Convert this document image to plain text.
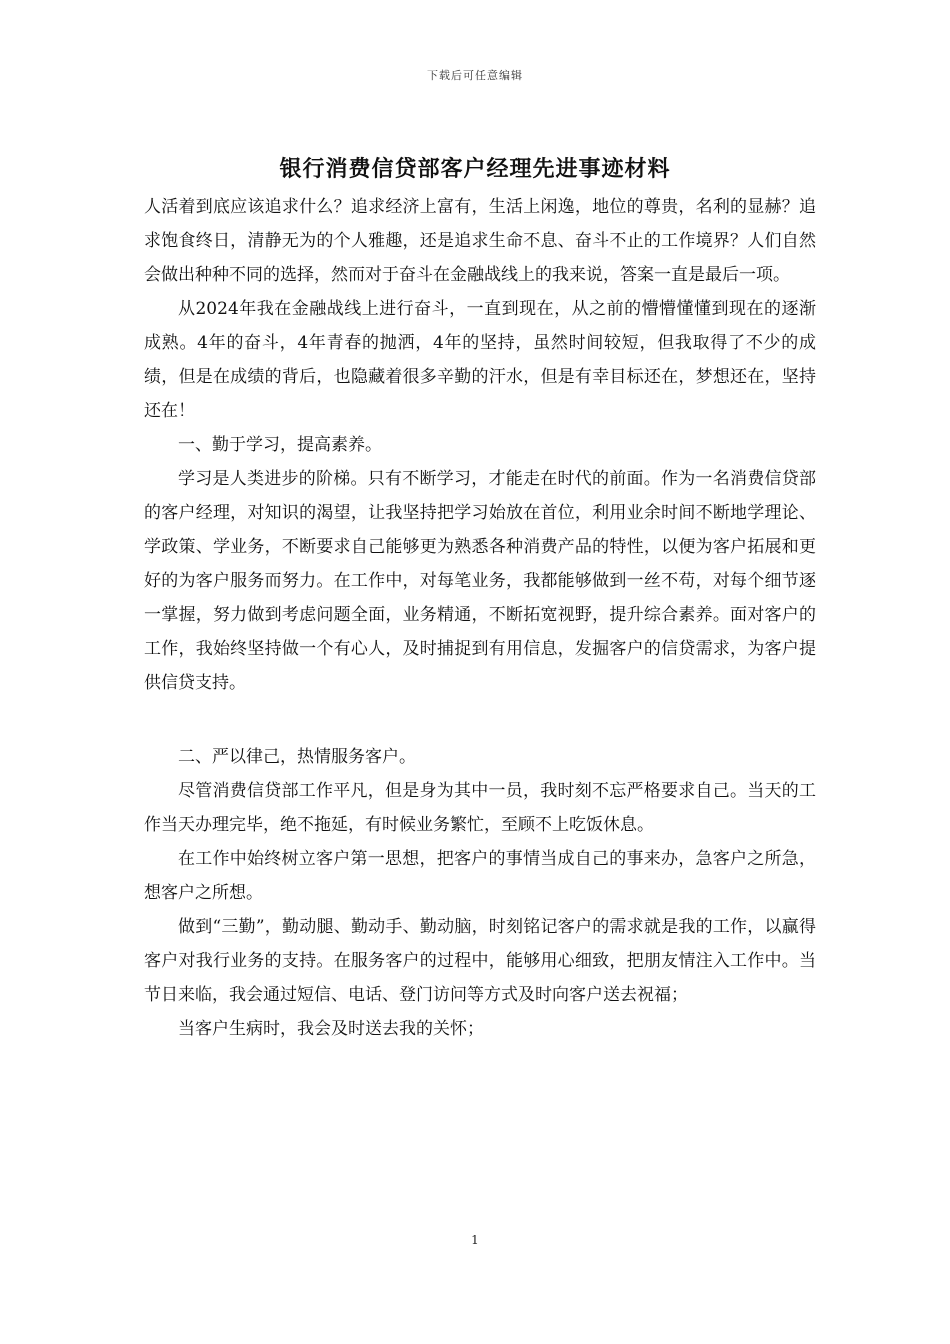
下载后可任意编辑
银行消费信贷部客户经理先进事迹材料

人活着到底应该追求什么？追求经济上富有，生活上闲逸，地位的尊贵，名利的显赫？追求饱食终日，清静无为的个人雅趣，还是追求生命不息、奋斗不止的工作境界？人们自然会做出种种不同的选择，然而对于奋斗在金融战线上的我来说，答案一直是最后一项。

从2024年我在金融战线上进行奋斗，一直到现在，从之前的懵懵懂懂到现在的逐渐成熟。4年的奋斗，4年青春的抛洒，4年的坚持，虽然时间较短，但我取得了不少的成绩，但是在成绩的背后，也隐藏着很多辛勤的汗水，但是有幸目标还在，梦想还在，坚持还在！

一、勤于学习，提高素养。

学习是人类进步的阶梯。只有不断学习，才能走在时代的前面。作为一名消费信贷部的客户经理，对知识的渴望，让我坚持把学习始放在首位，利用业余时间不断地学理论、学政策、学业务，不断要求自己能够更为熟悉各种消费产品的特性，以便为客户拓展和更好的为客户服务而努力。在工作中，对每笔业务，我都能够做到一丝不苟，对每个细节逐一掌握，努力做到考虑问题全面，业务精通，不断拓宽视野，提升综合素养。面对客户的工作，我始终坚持做一个有心人，及时捕捉到有用信息，发掘客户的信贷需求，为客户提供信贷支持。

二、严以律己，热情服务客户。

尽管消费信贷部工作平凡，但是身为其中一员，我时刻不忘严格要求自己。当天的工作当天办理完毕，绝不拖延，有时候业务繁忙，至顾不上吃饭休息。

在工作中始终树立客户第一思想，把客户的事情当成自己的事来办，急客户之所急，想客户之所想。

做到“三勤”，勤动腿、勤动手、勤动脑，时刻铭记客户的需求就是我的工作，以赢得客户对我行业务的支持。在服务客户的过程中，能够用心细致，把朋友情注入工作中。当节日来临，我会通过短信、电话、登门访问等方式及时向客户送去祝福；

当客户生病时，我会及时送去我的关怀；

1
